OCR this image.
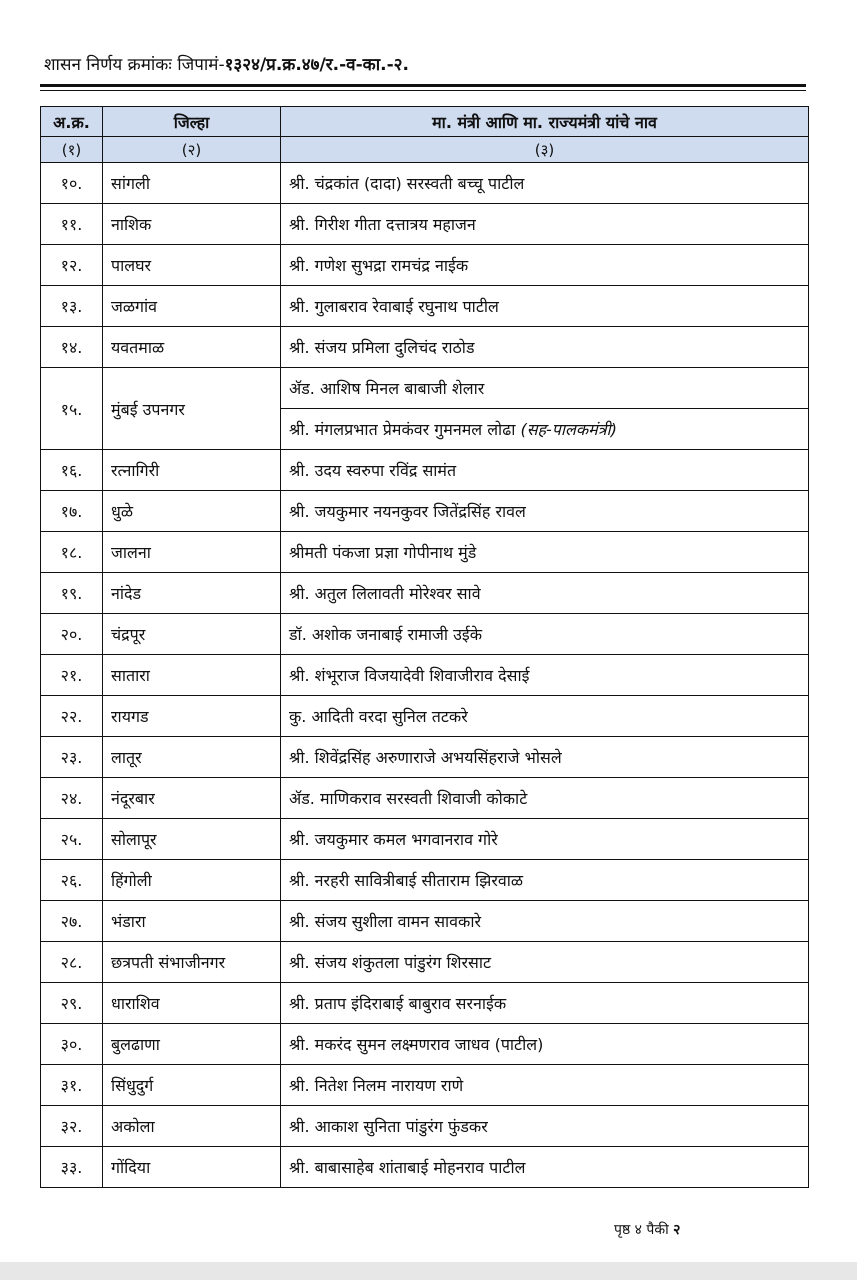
शासन निर्णय क्रमांकः जिपामं-१३२४/प्र.क्र.४७/र.-व-का.-२.
अ.क्र.	जिल्हा	मा. मंत्री आणि मा. राज्यमंत्री यांचे नाव
(१)	(२)	(३)
१०.	सांगली	श्री. चंद्रकांत (दादा) सरस्वती बच्चू पाटील
११.	नाशिक	श्री. गिरीश गीता दत्तात्रय महाजन
१२.	पालघर	श्री. गणेश सुभद्रा रामचंद्र नाईक
१३.	जळगांव	श्री. गुलाबराव रेवाबाई रघुनाथ पाटील
१४.	यवतमाळ	श्री. संजय प्रमिला दुलिचंद राठोड
१५.	मुंबई उपनगर	ॲड. आशिष मिनल बाबाजी शेलार
		श्री. मंगलप्रभात प्रेमकंवर गुमनमल लोढा (सह-पालकमंत्री)
१६.	रत्नागिरी	श्री. उदय स्वरुपा रविंद्र सामंत
१७.	धुळे	श्री. जयकुमार नयनकुवर जितेंद्रसिंह रावल
१८.	जालना	श्रीमती पंकजा प्रज्ञा गोपीनाथ मुंडे
१९.	नांदेड	श्री. अतुल लिलावती मोरेश्वर सावे
२०.	चंद्रपूर	डॉ. अशोक जनाबाई रामाजी उईके
२१.	सातारा	श्री. शंभूराज विजयादेवी शिवाजीराव देसाई
२२.	रायगड	कु. आदिती वरदा सुनिल तटकरे
२३.	लातूर	श्री. शिवेंद्रसिंह अरुणाराजे अभयसिंहराजे भोसले
२४.	नंदूरबार	ॲड. माणिकराव सरस्वती शिवाजी कोकाटे
२५.	सोलापूर	श्री. जयकुमार कमल भगवानराव गोरे
२६.	हिंगोली	श्री. नरहरी सावित्रीबाई सीताराम झिरवाळ
२७.	भंडारा	श्री. संजय सुशीला वामन सावकारे
२८.	छत्रपती संभाजीनगर	श्री. संजय शंकुतला पांडुरंग शिरसाट
२९.	धाराशिव	श्री. प्रताप इंदिराबाई बाबुराव सरनाईक
३०.	बुलढाणा	श्री. मकरंद सुमन लक्ष्मणराव जाधव (पाटील)
३१.	सिंधुदुर्ग	श्री. नितेश निलम नारायण राणे
३२.	अकोला	श्री. आकाश सुनिता पांडुरंग फुंडकर
३३.	गोंदिया	श्री. बाबासाहेब शांताबाई मोहनराव पाटील
पृष्ठ ४ पैकी २
